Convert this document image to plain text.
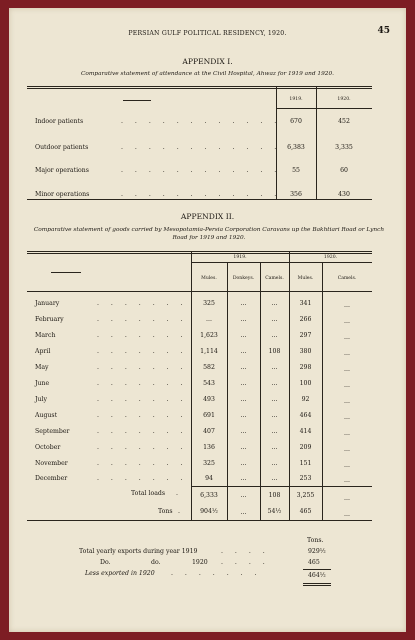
PERSIAN GULF POLITICAL RESIDENCY, 1920.	45
APPENDIX I.
Comparative statement of attendance at the Civil Hospital, Ahwaz for 1919 and 1920.
1919.	1920.
Indoor patients	. . . . . . . . . . . .	670	452
Outdoor patients	. . . . . . . . . . . . 6,383	3,335
Major operations	. . . . . . . . . . . .	55	60
Minor operations	. . . . . . . . . . . .	356	430
APPENDIX II.
Comparative statement of goods carried by Mesopotamia-Persia Corporation Caravans up the Bakhtiari Road or Lynch Road for 1919 and 1920.
1919.	1920.
Mules.	Donkeys.	Camels.	Mules.	Camels.
January	. . . . . . .	325	...	...	341	...
February	. . . . . . .	...	...	...	266	...
March	. . . . . . .	1,623	...	...	297	...
April	. . . . . . .	1,114	...	108	380	...
May	. . . . . . .	582	...	...	298	...
June	. . . . . . .	543	...	...	100	...
July	. . . . . . .	493	...	...	92	...
August	. . . . . . .	691	...	...	464	...
September	. . . . . . .	407	...	...	414	...
October	. . . . . . .	136	...	...	209	...
November	. . . . . . .	325	...	...	151	...
December	. . . . . . .	94	...	...	253	...
Total loads .	6,333	...	108	3,255	...
Tons .	904½	...	54½	465	...
Tons.
Total yearly exports during year 1919	. . . .	929½
Do.	do.	1920 . . . .	465
Less exported in 1920	. . . . . . .	464½
